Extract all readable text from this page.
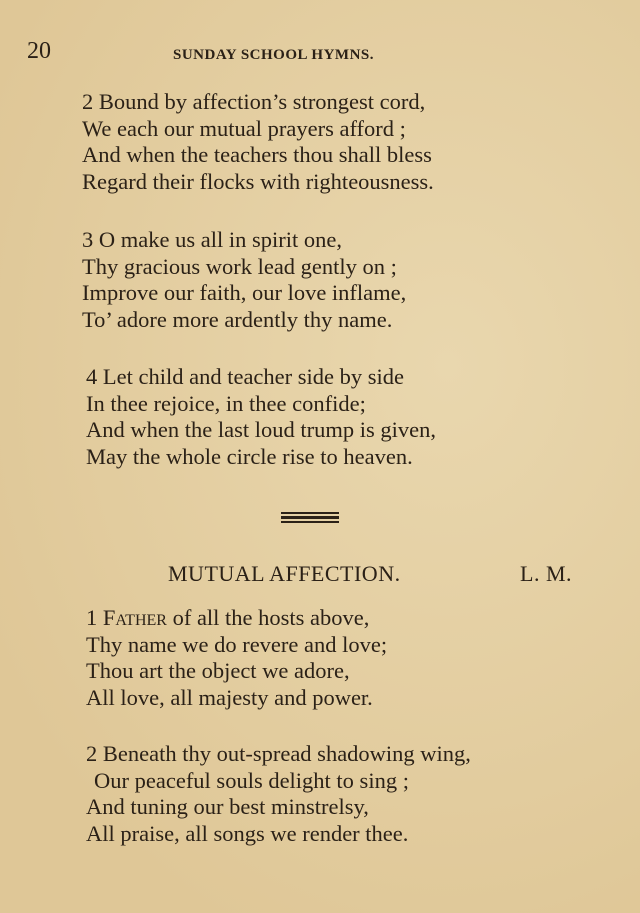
20	SUNDAY SCHOOL HYMNS.
2 Bound by affection’s strongest cord,
We each our mutual prayers afford ;
And when the teachers thou shall bless
Regard their flocks with righteousness.
3 O make us all in spirit one,
Thy gracious work lead gently on ;
Improve our faith, our love inflame,
To’ adore more ardently thy name.
4 Let child and teacher side by side
In thee rejoice, in thee confide;
And when the last loud trump is given,
May the whole circle rise to heaven.
MUTUAL AFFECTION.	L. M.
1 Father of all the hosts above,
Thy name we do revere and love;
Thou art the object we adore,
All love, all majesty and power.
2 Beneath thy out-spread shadowing wing,
Our peaceful souls delight to sing ;
And tuning our best minstrelsy,
All praise, all songs we render thee.
